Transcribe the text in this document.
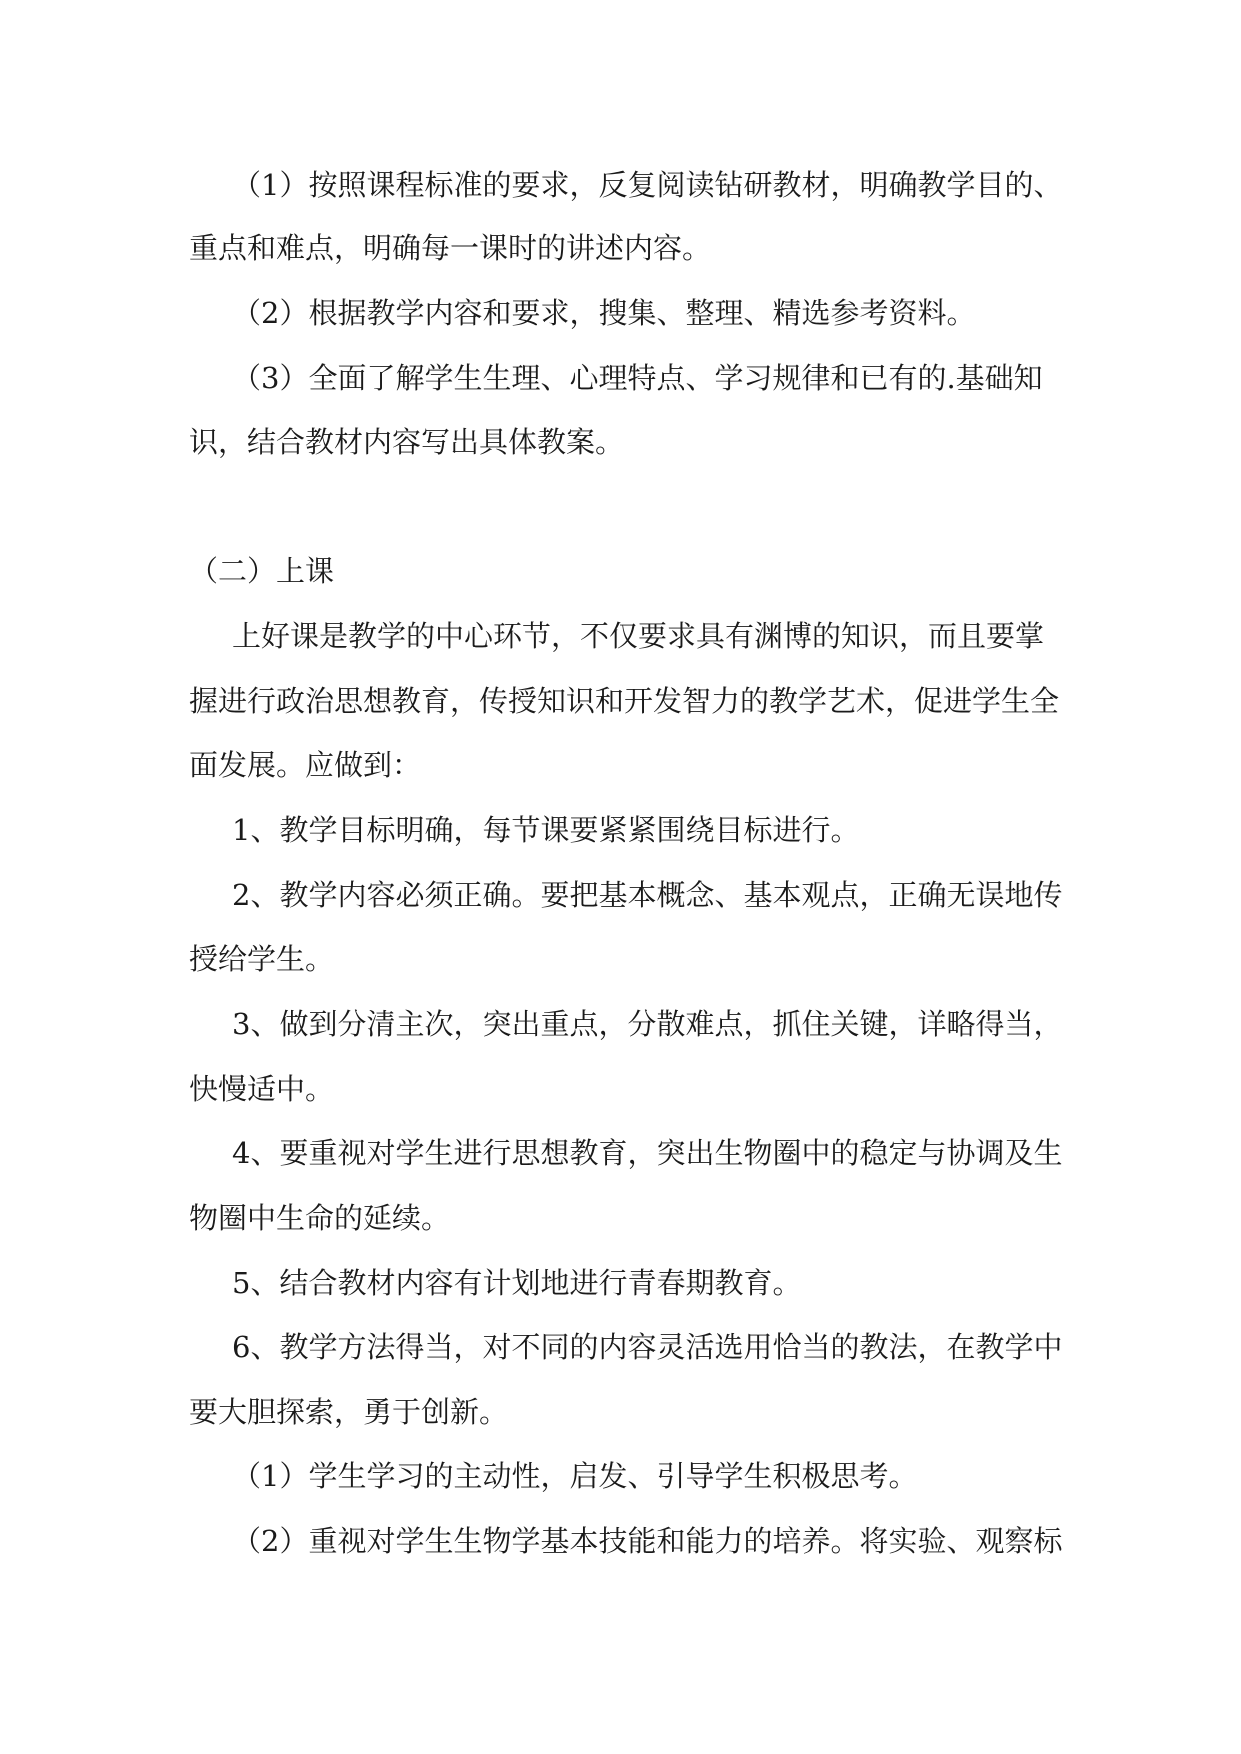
（1）按照课程标准的要求，反复阅读钻研教材，明确教学目的、

重点和难点，明确每一课时的讲述内容。

（2）根据教学内容和要求，搜集、整理、精选参考资料。

（3）全面了解学生生理、心理特点、学习规律和已有的.基础知

识，结合教材内容写出具体教案。

（二）上课

上好课是教学的中心环节，不仅要求具有渊博的知识，而且要掌

握进行政治思想教育，传授知识和开发智力的教学艺术，促进学生全

面发展。应做到：

1、教学目标明确，每节课要紧紧围绕目标进行。

2、教学内容必须正确。要把基本概念、基本观点，正确无误地传

授给学生。

3、做到分清主次，突出重点，分散难点，抓住关键，详略得当，

快慢适中。

4、要重视对学生进行思想教育，突出生物圈中的稳定与协调及生

物圈中生命的延续。

5、结合教材内容有计划地进行青春期教育。

6、教学方法得当，对不同的内容灵活选用恰当的教法，在教学中

要大胆探索，勇于创新。

（1）学生学习的主动性，启发、引导学生积极思考。

（2）重视对学生生物学基本技能和能力的培养。将实验、观察标
